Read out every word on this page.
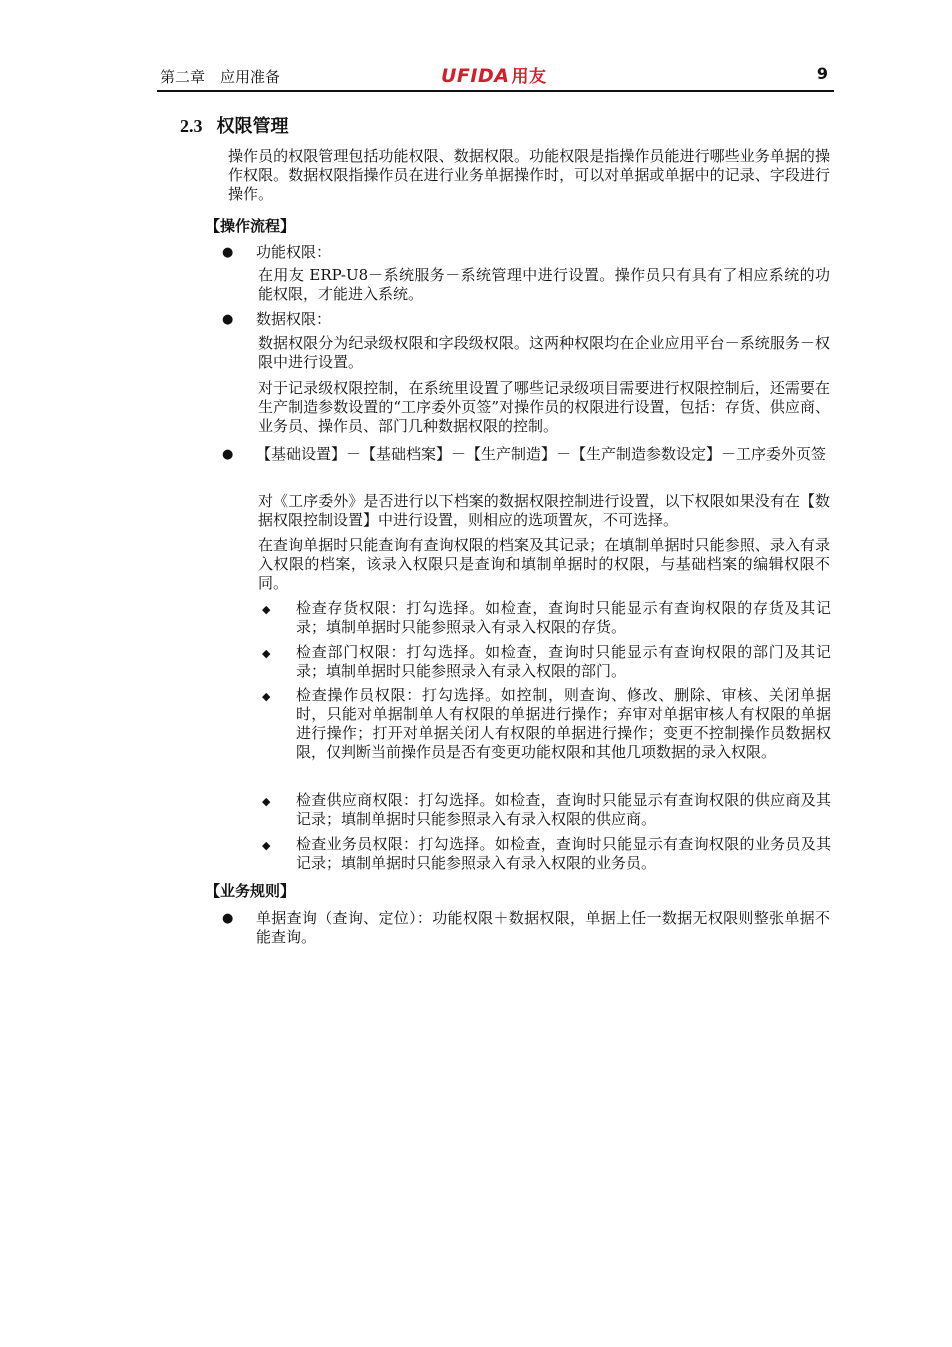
第二章　应用准备	UFIDA 用友	9
2.3 权限管理
操作员的权限管理包括功能权限、数据权限。功能权限是指操作员能进行哪些业务单据的操作权限。数据权限指操作员在进行业务单据操作时，可以对单据或单据中的记录、字段进行操作。
【操作流程】
● 功能权限：
在用友 ERP-U8－系统服务－系统管理中进行设置。操作员只有具有了相应系统的功能权限，才能进入系统。
● 数据权限：
数据权限分为纪录级权限和字段级权限。这两种权限均在企业应用平台－系统服务－权限中进行设置。
对于记录级权限控制，在系统里设置了哪些记录级项目需要进行权限控制后，还需要在生产制造参数设置的“工序委外页签”对操作员的权限进行设置，包括：存货、供应商、业务员、操作员、部门几种数据权限的控制。
● 【基础设置】－【基础档案】－【生产制造】－【生产制造参数设定】－工序委外页签
对《工序委外》是否进行以下档案的数据权限控制进行设置，以下权限如果没有在【数据权限控制设置】中进行设置，则相应的选项置灰，不可选择。
在查询单据时只能查询有查询权限的档案及其记录；在填制单据时只能参照、录入有录入权限的档案，该录入权限只是查询和填制单据时的权限，与基础档案的编辑权限不同。
◆ 检查存货权限：打勾选择。如检查，查询时只能显示有查询权限的存货及其记录；填制单据时只能参照录入有录入权限的存货。
◆ 检查部门权限：打勾选择。如检查，查询时只能显示有查询权限的部门及其记录；填制单据时只能参照录入有录入权限的部门。
◆ 检查操作员权限：打勾选择。如控制，则查询、修改、删除、审核、关闭单据时，只能对单据制单人有权限的单据进行操作；弃审对单据审核人有权限的单据进行操作；打开对单据关闭人有权限的单据进行操作；变更不控制操作员数据权限，仅判断当前操作员是否有变更功能权限和其他几项数据的录入权限。
◆ 检查供应商权限：打勾选择。如检查，查询时只能显示有查询权限的供应商及其记录；填制单据时只能参照录入有录入权限的供应商。
◆ 检查业务员权限：打勾选择。如检查，查询时只能显示有查询权限的业务员及其记录；填制单据时只能参照录入有录入权限的业务员。
【业务规则】
● 单据查询（查询、定位）：功能权限＋数据权限，单据上任一数据无权限则整张单据不能查询。
